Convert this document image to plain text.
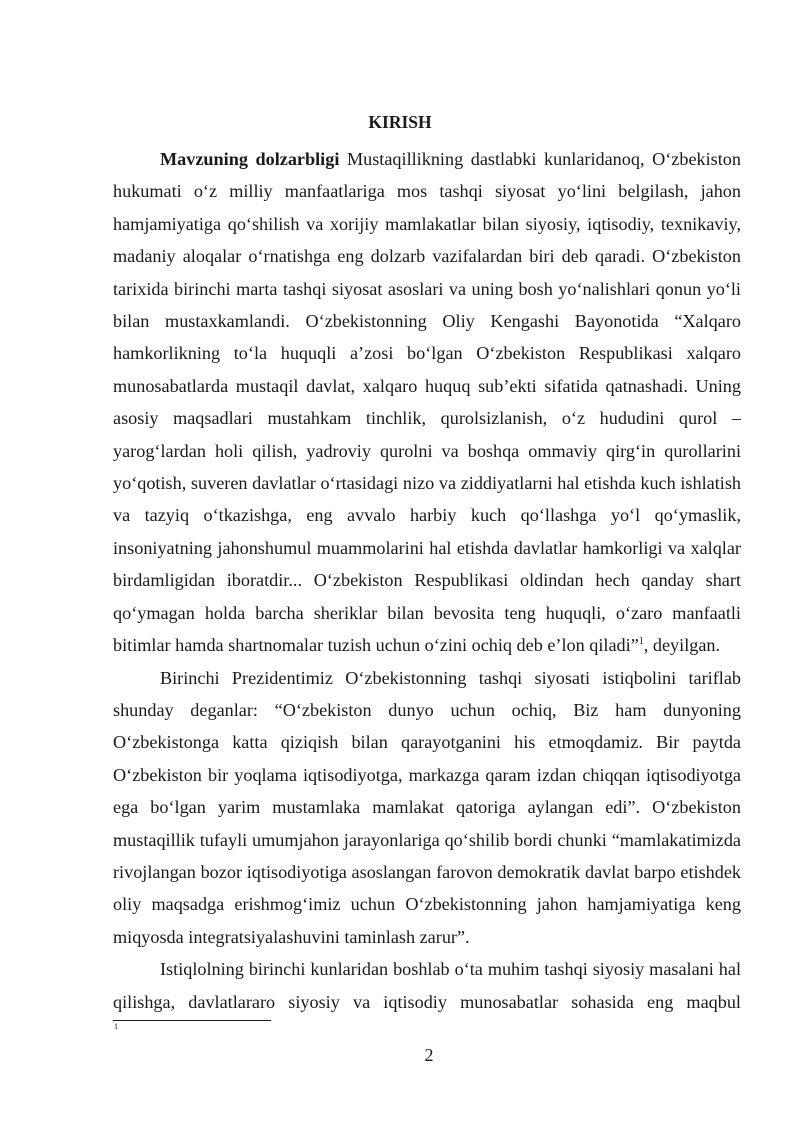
KIRISH

Mavzuning dolzarbligi Mustaqillikning dastlabki kunlaridanoq, O‘zbekiston hukumati o‘z milliy manfaatlariga mos tashqi siyosat yo‘lini belgilash, jahon hamjamiyatiga qo‘shilish va xorijiy mamlakatlar bilan siyosiy, iqtisodiy, texnikaviy, madaniy aloqalar o‘rnatishga eng dolzarb vazifalardan biri deb qaradi. O‘zbekiston tarixida birinchi marta tashqi siyosat asoslari va uning bosh yo‘nalishlari qonun yo‘li bilan mustaxkamlandi. O‘zbekistonning Oliy Kengashi Bayonotida “Xalqaro hamkorlikning to‘la huquqli a’zosi bo‘lgan O‘zbekiston Respublikasi xalqaro munosabatlarda mustaqil davlat, xalqaro huquq sub’ekti sifatida qatnashadi. Uning asosiy maqsadlari mustahkam tinchlik, qurolsizlanish, o‘z hududini qurol – yarog‘lardan holi qilish, yadroviy qurolni va boshqa ommaviy qirg‘in qurollarini yo‘qotish, suveren davlatlar o‘rtasidagi nizo va ziddiyatlarni hal etishda kuch ishlatish va tazyiq o‘tkazishga, eng avvalo harbiy kuch qo‘llashga yo‘l qo‘ymaslik, insoniyatning jahonshumul muammolarini hal etishda davlatlar hamkorligi va xalqlar birdamligidan iboratdir... O‘zbekiston Respublikasi oldindan hech qanday shart qo‘ymagan holda barcha sheriklar bilan bevosita teng huquqli, o‘zaro manfaatli bitimlar hamda shartnomalar tuzish uchun o‘zini ochiq deb e’lon qiladi”$^1$, deyilgan.

Birinchi Prezidentimiz O‘zbekistonning tashqi siyosati istiqbolini tariflab shunday deganlar: “O‘zbekiston dunyo uchun ochiq, Biz ham dunyoning O‘zbekistonga katta qiziqish bilan qarayotganini his etmoqdamiz. Bir paytda O‘zbekiston bir yoqlama iqtisodiyotga, markazga qaram izdan chiqqan iqtisodiyotga ega bo‘lgan yarim mustamlaka mamlakat qatoriga aylangan edi”. O‘zbekiston mustaqillik tufayli umumjahon jarayonlariga qo‘shilib bordi chunki “mamlakatimizda rivojlangan bozor iqtisodiyotiga asoslangan farovon demokratik davlat barpo etishdek oliy maqsadga erishmog‘imiz uchun O‘zbekistonning jahon hamjamiyatiga keng miqyosda integratsiyalashuvini taminlash zarur”.

Istiqlolning birinchi kunlaridan boshlab o‘ta muhim tashqi siyosiy masalani hal qilishga, davlatlararo siyosiy va iqtisodiy munosabatlar sohasida eng maqbul

1
2
